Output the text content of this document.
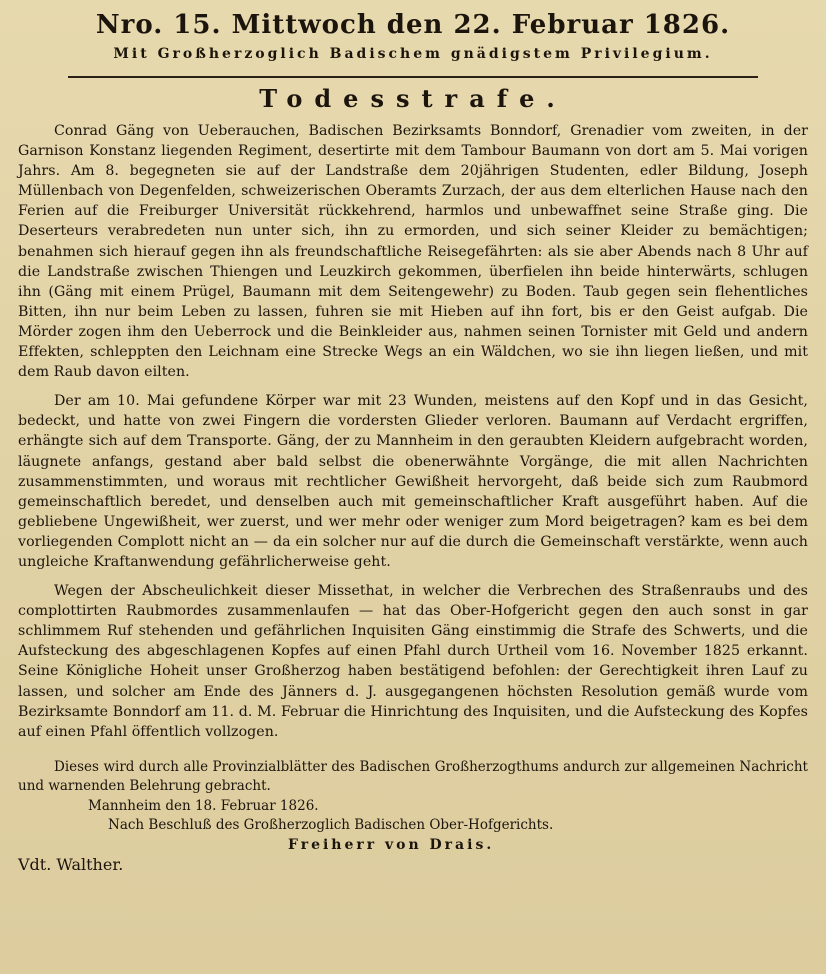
Nro. 15. Mittwoch den 22. Februar 1826.
Mit Großherzoglich Badischem gnädigstem Privilegium.
Todesstrafe.

Conrad Gäng von Ueberauchen, Badischen Bezirksamts Bonndorf, Grenadier vom zweiten, in der Garnison Konstanz liegenden Regiment, desertirte mit dem Tambour Baumann von dort am 5. Mai vorigen Jahrs. Am 8. begegneten sie auf der Landstraße dem 20jährigen Studenten, edler Bildung, Joseph Müllenbach von Degenfelden, schweizerischen Oberamts Zurzach, der aus dem elterlichen Hause nach den Ferien auf die Freiburger Universität rückkehrend, harmlos und unbewaffnet seine Straße ging. Die Deserteurs verabredeten nun unter sich, ihn zu ermorden, und sich seiner Kleider zu bemächtigen; benahmen sich hierauf gegen ihn als freundschaftliche Reisegefährten: als sie aber Abends nach 8 Uhr auf die Landstraße zwischen Thiengen und Leuzkirch gekommen, überfielen ihn beide hinterwärts, schlugen ihn (Gäng mit einem Prügel, Baumann mit dem Seitengewehr) zu Boden. Taub gegen sein flehentliches Bitten, ihn nur beim Leben zu lassen, fuhren sie mit Hieben auf ihn fort, bis er den Geist aufgab. Die Mörder zogen ihm den Ueberrock und die Beinkleider aus, nahmen seinen Tornister mit Geld und andern Effekten, schleppten den Leichnam eine Strecke Wegs an ein Wäldchen, wo sie ihn liegen ließen, und mit dem Raub davon eilten.

Der am 10. Mai gefundene Körper war mit 23 Wunden, meistens auf den Kopf und in das Gesicht, bedeckt, und hatte von zwei Fingern die vordersten Glieder verloren. Baumann auf Verdacht ergriffen, erhängte sich auf dem Transporte. Gäng, der zu Mannheim in den geraubten Kleidern aufgebracht worden, läugnete anfangs, gestand aber bald selbst die obenerwähnte Vorgänge, die mit allen Nachrichten zusammenstimmten, und woraus mit rechtlicher Gewißheit hervorgeht, daß beide sich zum Raubmord gemeinschaftlich beredet, und denselben auch mit gemeinschaftlicher Kraft ausgeführt haben. Auf die gebliebene Ungewißheit, wer zuerst, und wer mehr oder weniger zum Mord beigetragen? kam es bei dem vorliegenden Complott nicht an — da ein solcher nur auf die durch die Gemeinschaft verstärkte, wenn auch ungleiche Kraftanwendung gefährlicherweise geht.

Wegen der Abscheulichkeit dieser Missethat, in welcher die Verbrechen des Straßenraubs und des complottirten Raubmordes zusammenlaufen — hat das Ober-Hofgericht gegen den auch sonst in gar schlimmem Ruf stehenden und gefährlichen Inquisiten Gäng einstimmig die Strafe des Schwerts, und die Aufsteckung des abgeschlagenen Kopfes auf einen Pfahl durch Urtheil vom 16. November 1825 erkannt. Seine Königliche Hoheit unser Großherzog haben bestätigend befohlen: der Gerechtigkeit ihren Lauf zu lassen, und solcher am Ende des Jänners d. J. ausgegangenen höchsten Resolution gemäß wurde vom Bezirksamte Bonndorf am 11. d. M. Februar die Hinrichtung des Inquisiten, und die Aufsteckung des Kopfes auf einen Pfahl öffentlich vollzogen.

Dieses wird durch alle Provinzialblätter des Badischen Großherzogthums andurch zur allgemeinen Nachricht und warnenden Belehrung gebracht.

Mannheim den 18. Februar 1826.

Nach Beschluß des Großherzoglich Badischen Ober-Hofgerichts.

Freiherr von Drais.

Vdt. Walther.
